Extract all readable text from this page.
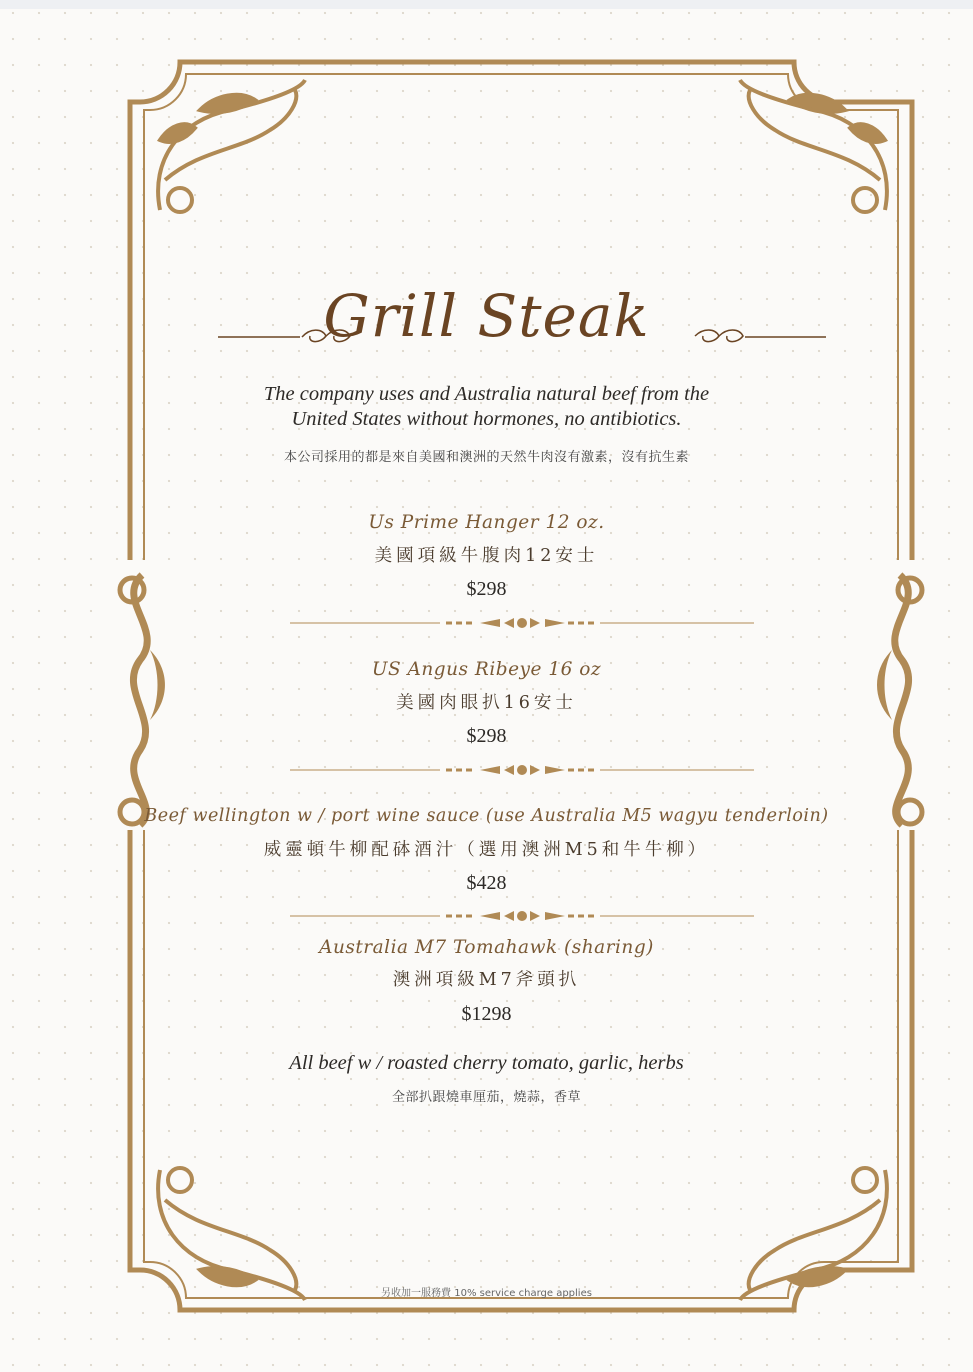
Grill Steak
The company uses and Australia natural beef from the United States without hormones, no antibiotics.
本公司採用的都是來自美國和澳洲的天然牛肉沒有激素，沒有抗生素
Us Prime Hanger 12 oz.
美國項級牛腹肉12安士
$298
US Angus Ribeye 16 oz
美國肉眼扒16安士
$298
Beef wellington w / port wine sauce (use Australia M5 wagyu tenderloin)
威靈頓牛柳配砵酒汁（選用澳洲M5和牛牛柳）
$428
Australia M7 Tomahawk (sharing)
澳洲項級M7斧頭扒
$1298
All beef w / roasted cherry tomato, garlic, herbs
全部扒跟燒車厘茄，燒蒜，香草
另收加一服務費 10% service charge applies
